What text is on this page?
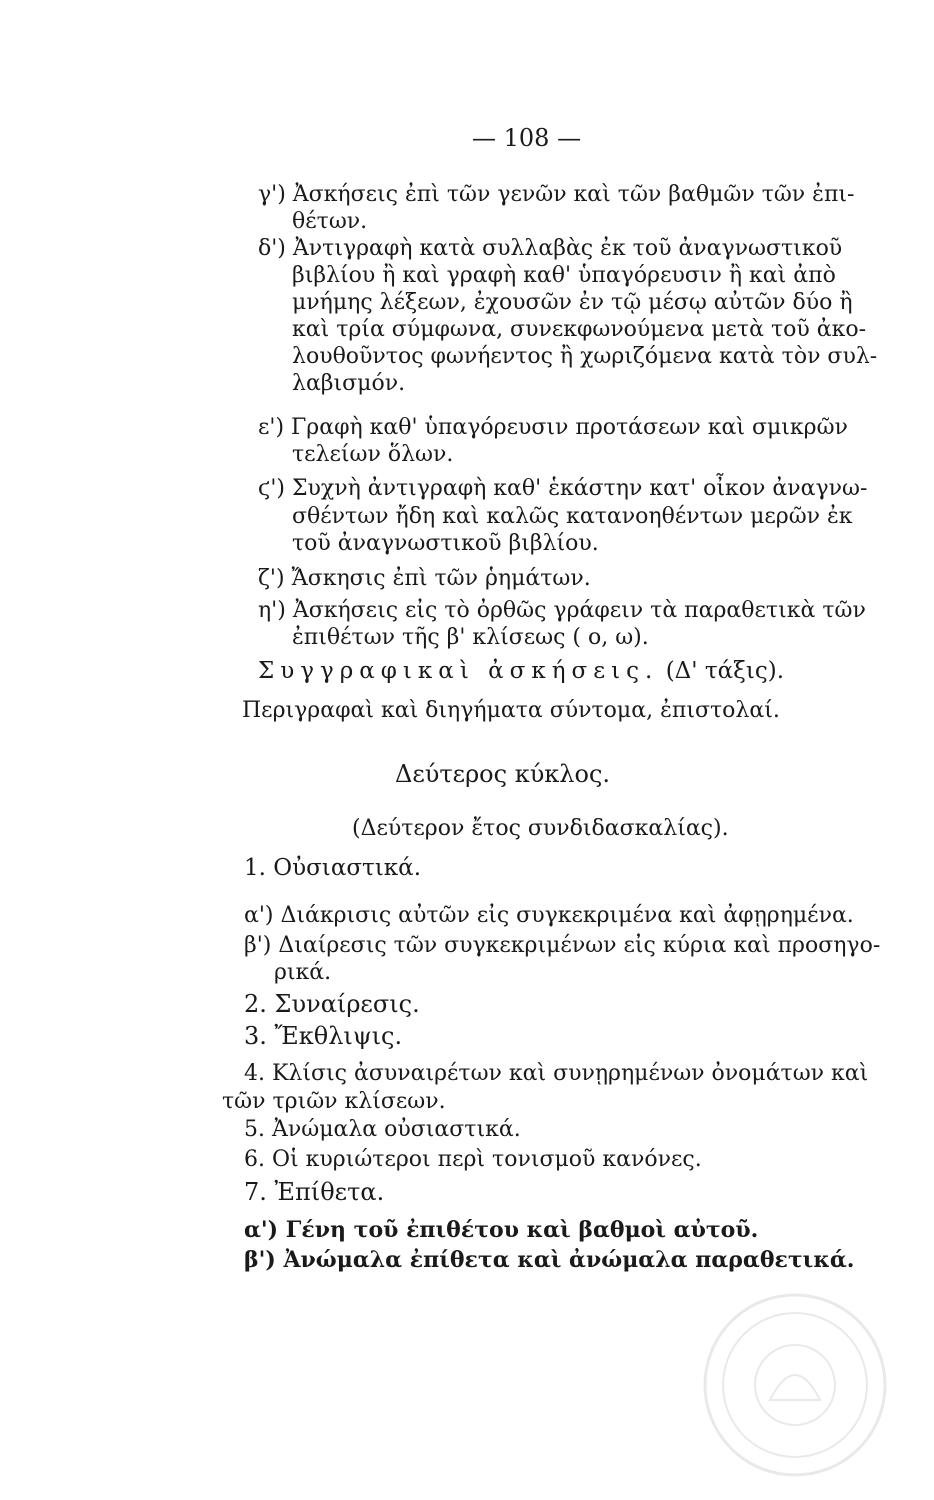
— 108 —
γ') Ἀσκήσεις ἐπὶ τῶν γενῶν καὶ τῶν βαθμῶν τῶν ἐπι-
θέτων.
δ') Ἀντιγραφὴ κατὰ συλλαβὰς ἐκ τοῦ ἀναγνωστικοῦ
βιβλίου ἢ καὶ γραφὴ καθ' ὑπαγόρευσιν ἢ καὶ ἀπὸ
μνήμης λέξεων, ἐχουσῶν ἐν τῷ μέσῳ αὐτῶν δύο ἢ
καὶ τρία σύμφωνα, συνεκφωνούμενα μετὰ τοῦ ἀκο-
λουθοῦντος φωνήεντος ἢ χωριζόμενα κατὰ τὸν συλ-
λαβισμόν.
ε') Γραφὴ καθ' ὑπαγόρευσιν προτάσεων καὶ σμικρῶν
τελείων ὅλων.
ϛ') Συχνὴ ἀντιγραφὴ καθ' ἑκάστην κατ' οἶκον ἀναγνω-
σθέντων ἤδη καὶ καλῶς κατανοηθέντων μερῶν ἐκ
τοῦ ἀναγνωστικοῦ βιβλίου.
ζ') Ἄσκησις ἐπὶ τῶν ῥημάτων.
η') Ἀσκήσεις εἰς τὸ ὀρθῶς γράφειν τὰ παραθετικὰ τῶν
ἐπιθέτων τῆς β' κλίσεως ( ο, ω).
Συγγραφικαὶ ἀσκήσεις. (Δ' τάξις).
Περιγραφαὶ καὶ διηγήματα σύντομα, ἐπιστολαί.
Δεύτερος κύκλος.
(Δεύτερον ἔτος συνδιδασκαλίας).
1. Οὐσιαστικά.
α') Διάκρισις αὐτῶν εἰς συγκεκριμένα καὶ ἀφῃρημένα.
β') Διαίρεσις τῶν συγκεκριμένων εἰς κύρια καὶ προσηγο-
ρικά.
2. Συναίρεσις.
3. Ἔκθλιψις.
4. Κλίσις ἀσυναιρέτων καὶ συνῃρημένων ὀνομάτων καὶ
τῶν τριῶν κλίσεων.
5. Ἀνώμαλα οὐσιαστικά.
6. Οἱ κυριώτεροι περὶ τονισμοῦ κανόνες.
7. Ἐπίθετα.
α') Γένη τοῦ ἐπιθέτου καὶ βαθμοὶ αὐτοῦ.
β') Ἀνώμαλα ἐπίθετα καὶ ἀνώμαλα παραθετικά.
